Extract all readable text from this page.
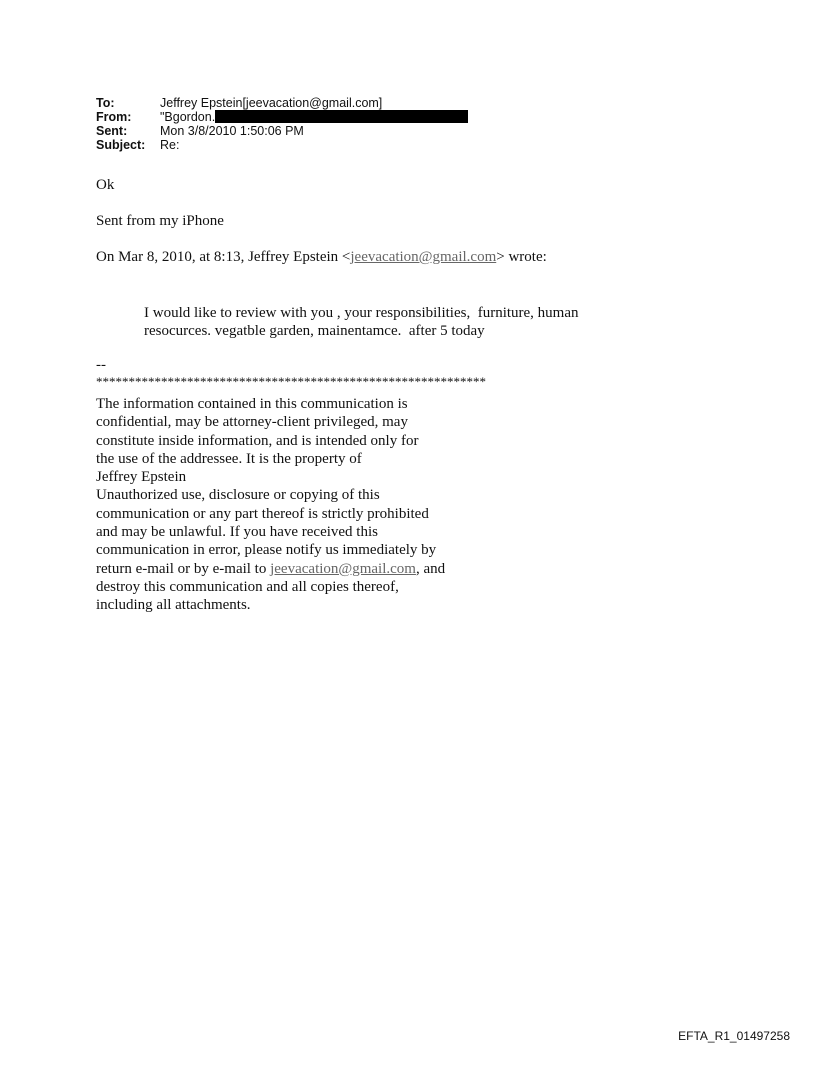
To:	Jeffrey Epstein[jeevacation@gmail.com]
From:	"Bgordon.
Sent:	Mon 3/8/2010 1:50:06 PM
Subject:	Re:
Ok
Sent from my iPhone
On Mar 8, 2010, at 8:13, Jeffrey Epstein <jeevacation@gmail.com> wrote:
I would like to review with you , your responsibilities,  furniture, human
resocurces. vegatble garden, mainentamce.  after 5 today
--
************************************************************
The information contained in this communication is
confidential, may be attorney-client privileged, may
constitute inside information, and is intended only for
the use of the addressee. It is the property of
Jeffrey Epstein
Unauthorized use, disclosure or copying of this
communication or any part thereof is strictly prohibited
and may be unlawful. If you have received this
communication in error, please notify us immediately by
return e-mail or by e-mail to jeevacation@gmail.com, and
destroy this communication and all copies thereof,
including all attachments.
EFTA_R1_01497258
